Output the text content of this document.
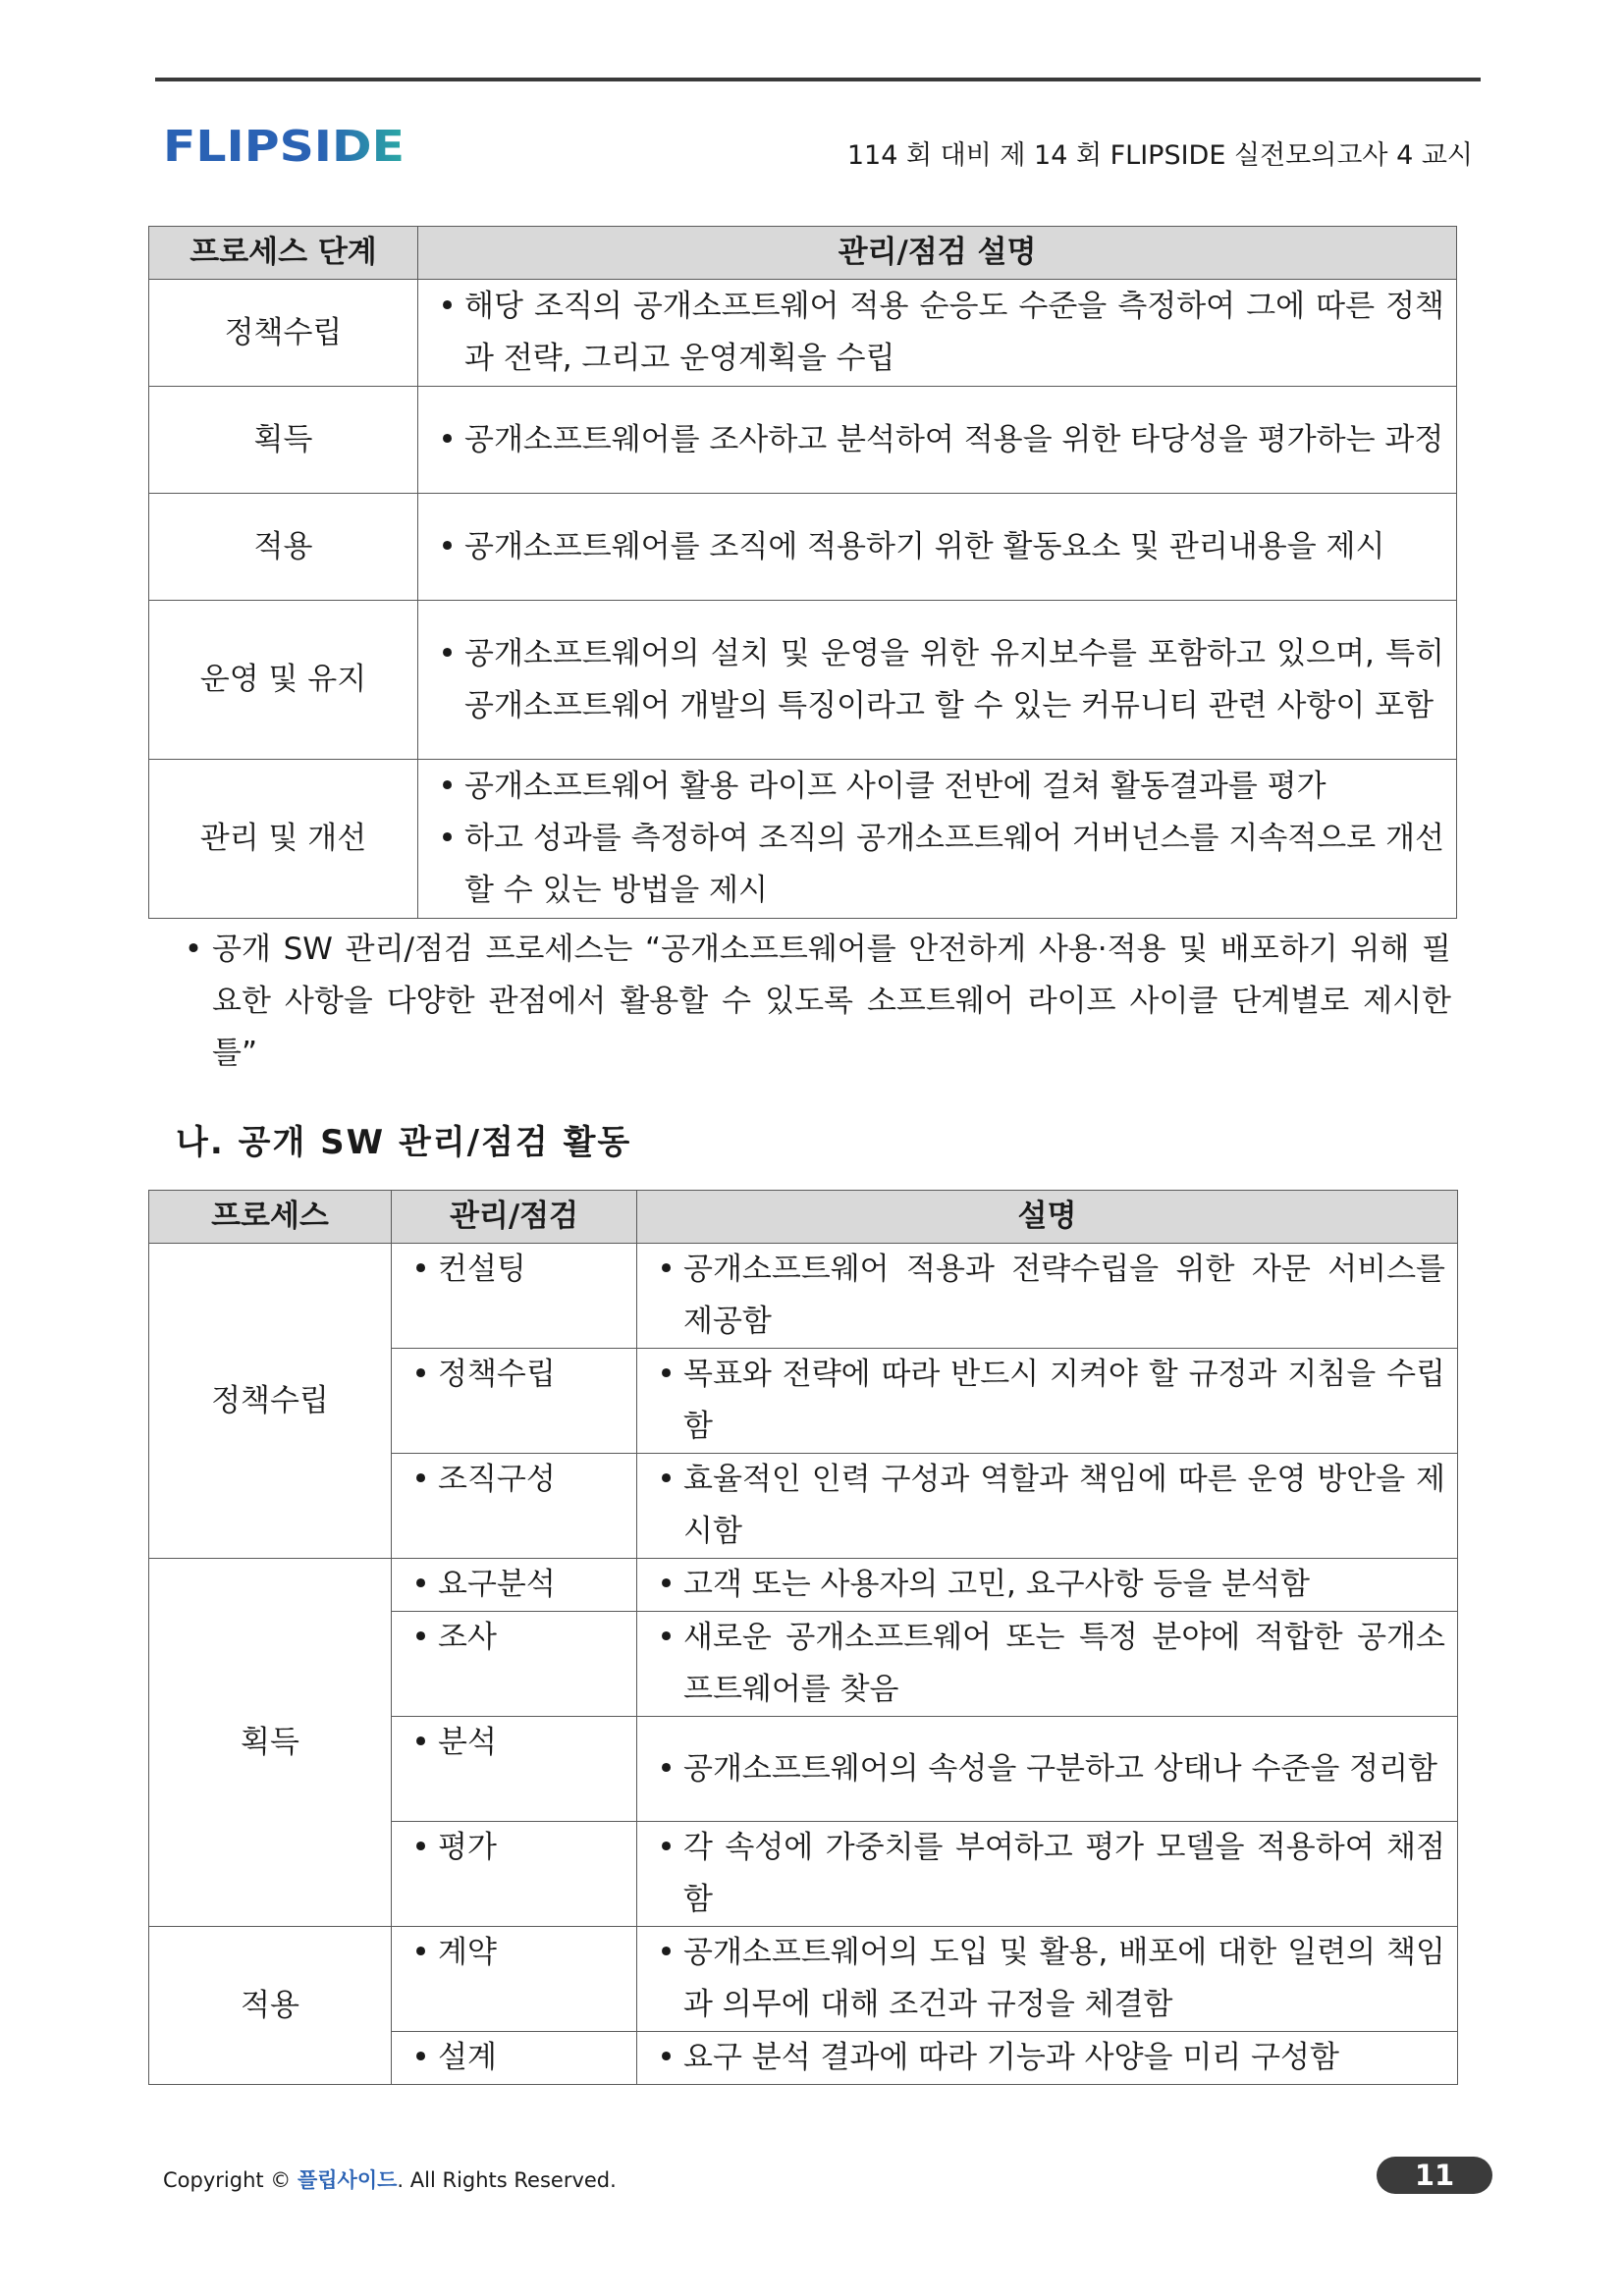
FLIPSIDE	114 회 대비 제 14 회 FLIPSIDE 실전모의고사 4 교시
프로세스 단계	관리/점검 설명
정책수립	• 해당 조직의 공개소프트웨어 적용 순응도 수준을 측정하여 그에 따른 정책과 전략, 그리고 운영계획을 수립

획득	• 공개소프트웨어를 조사하고 분석하여 적용을 위한 타당성을 평가하는 과정

적용	• 공개소프트웨어를 조직에 적용하기 위한 활동요소 및 관리내용을 제시

운영 및 유지	• 공개소프트웨어의 설치 및 운영을 위한 유지보수를 포함하고 있으며, 특히 공개소프트웨어 개발의 특징이라고 할 수 있는 커뮤니티 관련 사항이 포함

관리 및 개선	• 공개소프트웨어 활용 라이프 사이클 전반에 걸쳐 활동결과를 평가
• 하고 성과를 측정하여 조직의 공개소프트웨어 거버넌스를 지속적으로 개선할 수 있는 방법을 제시
• 공개 SW 관리/점검 프로세스는 “공개소프트웨어를 안전하게 사용·적용 및 배포하기 위해 필요한 사항을 다양한 관점에서 활용할 수 있도록 소프트웨어 라이프 사이클 단계별로 제시한 틀”
나. 공개 SW 관리/점검 활동
프로세스	관리/점검	설명
정책수립	• 컨설팅	• 공개소프트웨어 적용과 전략수립을 위한 자문 서비스를 제공함

	• 정책수립	• 목표와 전략에 따라 반드시 지켜야 할 규정과 지침을 수립함

	• 조직구성	• 효율적인 인력 구성과 역할과 책임에 따른 운영 방안을 제시함

획득	• 요구분석	• 고객 또는 사용자의 고민, 요구사항 등을 분석함

	• 조사	• 새로운 공개소프트웨어 또는 특정 분야에 적합한 공개소프트웨어를 찾음

	• 분석	• 공개소프트웨어의 속성을 구분하고 상태나 수준을 정리함

	• 평가	• 각 속성에 가중치를 부여하고 평가 모델을 적용하여 채점함

적용	• 계약	• 공개소프트웨어의 도입 및 활용, 배포에 대한 일련의 책임과 의무에 대해 조건과 규정을 체결함

	• 설계	• 요구 분석 결과에 따라 기능과 사양을 미리 구성함
Copyright © 플립사이드. All Rights Reserved.	11
